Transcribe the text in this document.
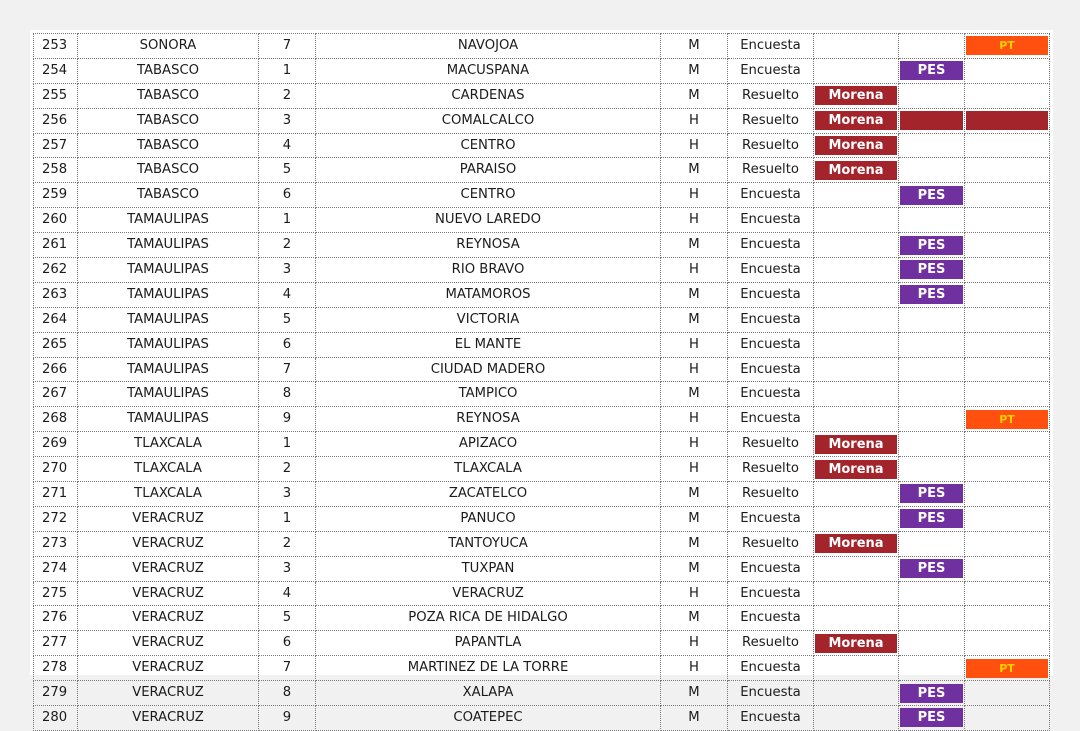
253	SONORA	7	NAVOJOA	M	Encuesta			PT

254	TABASCO	1	MACUSPANA	M	Encuesta		PES	

255	TABASCO	2	CARDENAS	M	Resuelto	Morena		

256	TABASCO	3	COMALCALCO	H	Resuelto	Morena		

257	TABASCO	4	CENTRO	H	Resuelto	Morena		

258	TABASCO	5	PARAISO	M	Resuelto	Morena		

259	TABASCO	6	CENTRO	H	Encuesta		PES	

260	TAMAULIPAS	1	NUEVO LAREDO	H	Encuesta			
261	TAMAULIPAS	2	REYNOSA	M	Encuesta		PES	

262	TAMAULIPAS	3	RIO BRAVO	H	Encuesta		PES	

263	TAMAULIPAS	4	MATAMOROS	M	Encuesta		PES	

264	TAMAULIPAS	5	VICTORIA	M	Encuesta			
265	TAMAULIPAS	6	EL MANTE	H	Encuesta			
266	TAMAULIPAS	7	CIUDAD MADERO	H	Encuesta			
267	TAMAULIPAS	8	TAMPICO	M	Encuesta			
268	TAMAULIPAS	9	REYNOSA	H	Encuesta			PT

269	TLAXCALA	1	APIZACO	H	Resuelto	Morena		

270	TLAXCALA	2	TLAXCALA	H	Resuelto	Morena		

271	TLAXCALA	3	ZACATELCO	M	Resuelto		PES	

272	VERACRUZ	1	PANUCO	M	Encuesta		PES	

273	VERACRUZ	2	TANTOYUCA	M	Resuelto	Morena		

274	VERACRUZ	3	TUXPAN	M	Encuesta		PES	

275	VERACRUZ	4	VERACRUZ	H	Encuesta			
276	VERACRUZ	5	POZA RICA DE HIDALGO	M	Encuesta			
277	VERACRUZ	6	PAPANTLA	H	Resuelto	Morena		

278	VERACRUZ	7	MARTINEZ DE LA TORRE	H	Encuesta			PT

279	VERACRUZ	8	XALAPA	M	Encuesta		PES	

280	VERACRUZ	9	COATEPEC	M	Encuesta		PES	
